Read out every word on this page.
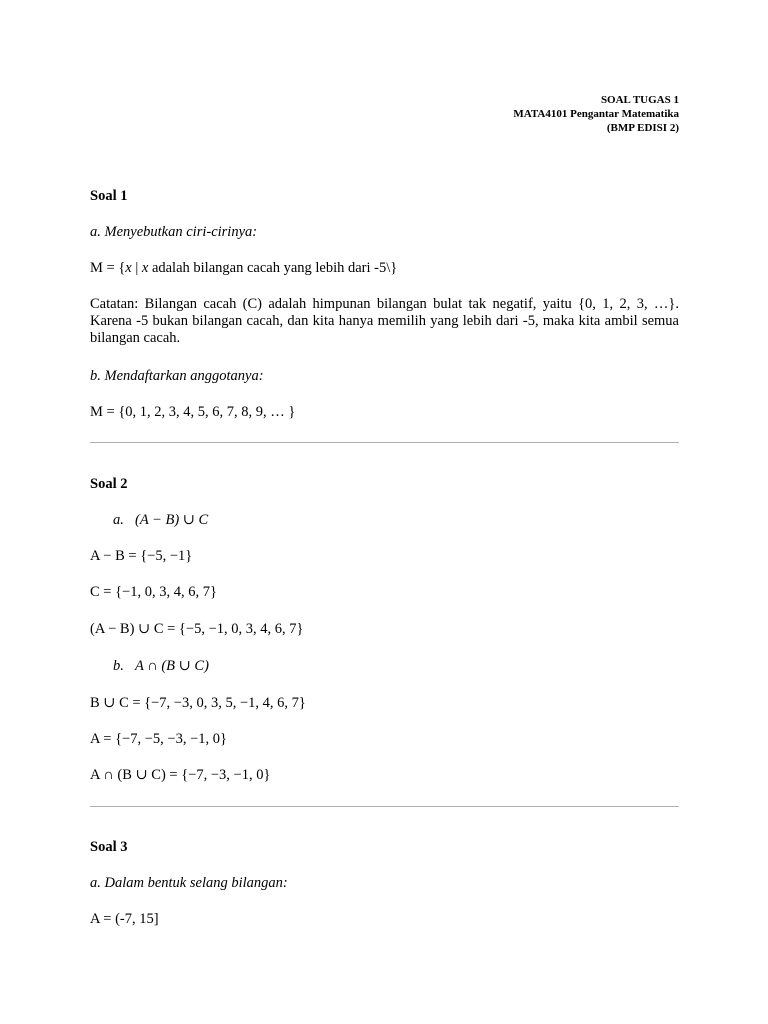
SOAL TUGAS 1
MATA4101 Pengantar Matematika
(BMP EDISI 2)
Soal 1
a. Menyebutkan ciri-cirinya:
M = {x | x adalah bilangan cacah yang lebih dari -5\}
Catatan: Bilangan cacah (C) adalah himpunan bilangan bulat tak negatif, yaitu {0, 1, 2, 3, …}. Karena -5 bukan bilangan cacah, dan kita hanya memilih yang lebih dari -5, maka kita ambil semua bilangan cacah.
b. Mendaftarkan anggotanya:
M = {0, 1, 2, 3, 4, 5, 6, 7, 8, 9, … }
Soal 2
a. (A − B) ∪ C
A − B = {−5, −1}
C = {−1, 0, 3, 4, 6, 7}
(A − B) ∪ C = {−5, −1, 0, 3, 4, 6, 7}
b. A ∩ (B ∪ C)
B ∪ C = {−7, −3, 0, 3, 5, −1, 4, 6, 7}
A = {−7, −5, −3, −1, 0}
A ∩ (B ∪ C) = {−7, −3, −1, 0}
Soal 3
a. Dalam bentuk selang bilangan:
A = (-7, 15]
